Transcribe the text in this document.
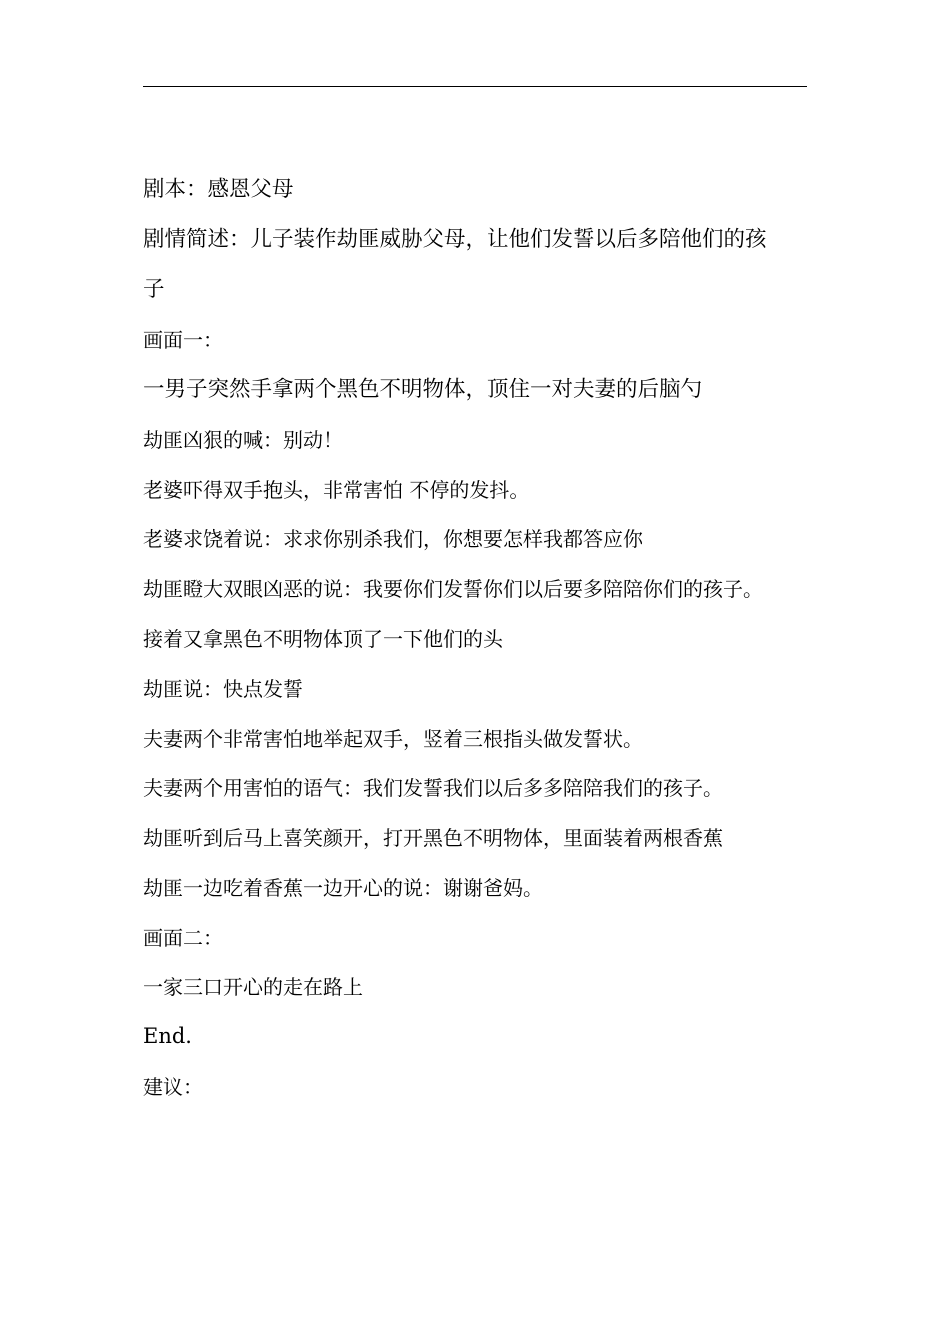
剧本：感恩父母
剧情简述：儿子装作劫匪威胁父母，让他们发誓以后多陪他们的孩
子
画面一：
一男子突然手拿两个黑色不明物体，顶住一对夫妻的后脑勺
劫匪凶狠的喊：别动！
老婆吓得双手抱头，非常害怕 不停的发抖。
老婆求饶着说：求求你别杀我们，你想要怎样我都答应你
劫匪瞪大双眼凶恶的说：我要你们发誓你们以后要多陪陪你们的孩子。
接着又拿黑色不明物体顶了一下他们的头
劫匪说：快点发誓
夫妻两个非常害怕地举起双手，竖着三根指头做发誓状。
夫妻两个用害怕的语气：我们发誓我们以后多多陪陪我们的孩子。
劫匪听到后马上喜笑颜开，打开黑色不明物体，里面装着两根香蕉
劫匪一边吃着香蕉一边开心的说：谢谢爸妈。
画面二：
一家三口开心的走在路上
End.
建议：
